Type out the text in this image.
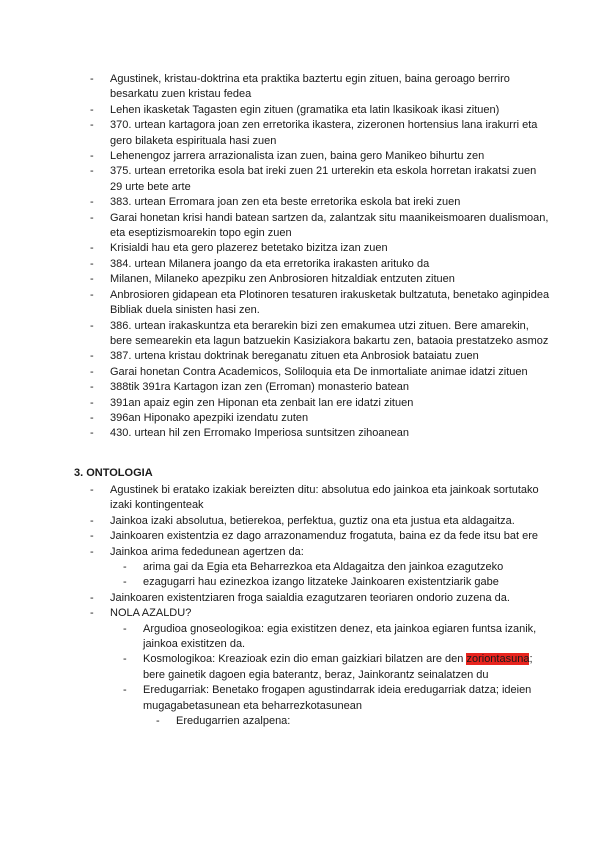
- Agustinek, kristau-doktrina eta praktika baztertu egin zituen, baina geroago berriro besarkatu zuen kristau fedea
- Lehen ikasketak Tagasten egin zituen (gramatika eta latin lkasikoak ikasi zituen)
- 370. urtean kartagora joan zen erretorika ikastera, zizeronen hortensius lana irakurri eta gero bilaketa espirituala hasi zuen
- Lehenengoz jarrera arrazionalista izan zuen, baina gero Manikeo bihurtu zen
- 375. urtean erretorika esola bat ireki zuen 21 urterekin eta eskola horretan irakatsi zuen 29 urte bete arte
- 383. urtean Erromara joan zen eta beste erretorika eskola bat ireki zuen
- Garai honetan krisi handi batean sartzen da, zalantzak situ maanikeismoaren dualismoan, eta eseptizismoarekin topo egin zuen
- Krisialdi hau eta gero plazerez betetako bizitza izan zuen
- 384. urtean Milanera joango da eta erretorika irakasten arituko da
- Milanen, Milaneko apezpiku zen Anbrosioren hitzaldiak entzuten zituen
- Anbrosioren gidapean eta Plotinoren tesaturen irakusketak bultzatuta, benetako aginpidea Bibliak duela sinisten hasi zen.
- 386. urtean irakaskuntza eta berarekin bizi zen emakumea utzi zituen. Bere amarekin, bere semearekin eta lagun batzuekin Kasiziakora bakartu zen, bataoia prestatzeko asmoz
- 387. urtena kristau doktrinak bereganatu zituen eta Anbrosiok bataiatu zuen
- Garai honetan Contra Academicos, Soliloquia eta De inmortaliate animae idatzi zituen
- 388tik 391ra Kartagon izan zen (Erroman) monasterio batean
- 391an apaiz egin zen Hiponan eta zenbait lan ere idatzi zituen
- 396an Hiponako apezpiki izendatu zuten
- 430. urtean hil zen Erromako Imperiosa suntsitzen zihoanean
3. ONTOLOGIA
- Agustinek bi eratako izakiak bereizten ditu: absolutua edo jainkoa eta jainkoak sortutako izaki kontingenteak
- Jainkoa izaki absolutua, betierekoa, perfektua, guztiz ona eta justua eta aldagaitza.
- Jainkoaren existentzia ez dago arrazonamenduz frogatuta, baina ez da fede itsu bat ere
- Jainkoa arima fededunean agertzen da:
- arima gai da Egia eta Beharrezkoa eta Aldagaitza den jainkoa ezagutzeko
- ezagugarri hau ezinezkoa izango litzateke Jainkoaren existentziarik gabe
- Jainkoaren existentziaren froga saialdia ezagutzaren teoriaren ondorio zuzena da.
- NOLA AZALDU?
- Argudioa gnoseologikoa: egia existitzen denez, eta jainkoa egiaren funtsa izanik, jainkoa existitzen da.
- Kosmologikoa: Kreazioak ezin dio eman gaizkiari bilatzen are den zoriontasuna; bere gainetik dagoen egia baterantz, beraz, Jainkorantz seinalatzen du
- Eredugarriak: Benetako frogapen agustindarrak ideia eredugarriak datza; ideien mugagabetasunean eta beharrezkotasunean
- Eredugarrien azalpena:
